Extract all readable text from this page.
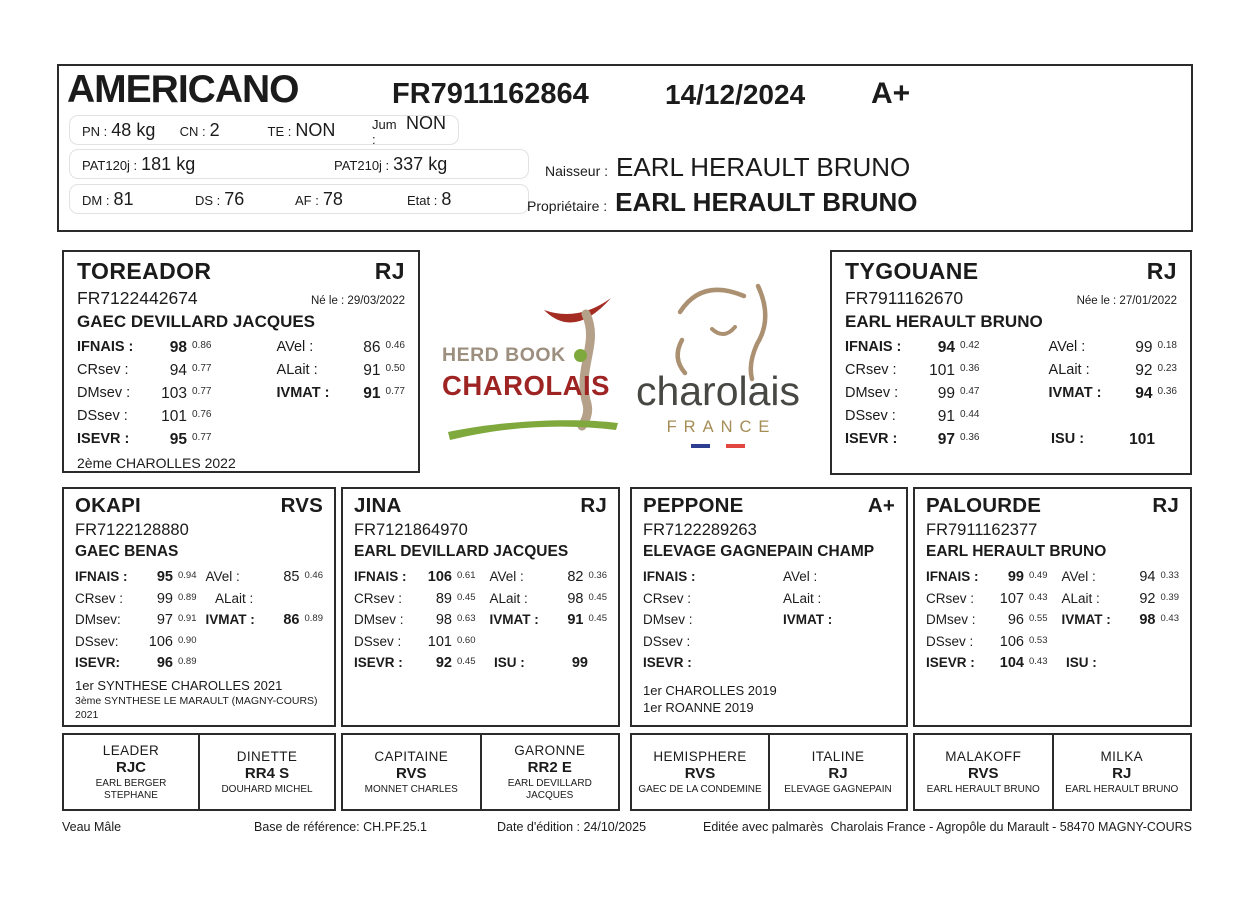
AMERICANO	FR7911162864	14/12/2024 A+
PN : 48 kg CN : 2	TE : NON	Jum :
NON
PAT120j : 181 kg	PAT210j : 337 kg
DM : 81	DS : 76	AF : 78	Etat : 8
Naisseur : EARL HERAULT BRUNO
Propriétaire : EARL HERAULT BRUNO
HERD BOOK
CHAROLAIS charolais
FRANCE
TOREADOR	RJ
FR7122442674	Né le : 29/03/2022
GAEC DEVILLARD JACQUES
IFNAIS :	98 0.86	AVel :	86 0.46
CRsev :	94 0.77	ALait :	91 0.50
DMsev :	103 0.77	IVMAT :	91 0.77
DSsev :	101 0.76
ISEVR :	95 0.77
2ème CHAROLLES 2022
TYGOUANE	RJ
FR7911162670	Née le : 27/01/2022
EARL HERAULT BRUNO
IFNAIS :	94 0.42	AVel :	99 0.18
CRsev :	101 0.36	ALait :	92 0.23
DMsev :	99 0.47	IVMAT :	94 0.36
DSsev :	91 0.44
ISEVR :	97 0.36	ISU :	101
OKAPI	RVS
FR7122128880
GAEC BENAS
IFNAIS :	95 0.94 AVel :	85 0.46
CRsev :	99 0.89	ALait :
DMsev:	97 0.91 IVMAT :	86 0.89
DSsev:	106 0.90
ISEVR:	96 0.89
1er SYNTHESE CHAROLLES 2021
3ème SYNTHESE LE MARAULT (MAGNY-COURS) 2021
JINA	RJ
FR7121864970
EARL DEVILLARD JACQUES
IFNAIS :	106 0.61	AVel :	82 0.36
CRsev :	89 0.45	ALait :	98 0.45
DMsev :	98 0.63	IVMAT :	91 0.45
DSsev :	101 0.60
ISEVR :	92 0.45	ISU :	99
PEPPONE	A+
FR7122289263
ELEVAGE GAGNEPAIN CHAMP
IFNAIS :	AVel :
CRsev :	ALait :
DMsev :	IVMAT :
DSsev :
ISEVR :
1er CHAROLLES 2019
1er ROANNE 2019
PALOURDE	RJ
FR7911162377
EARL HERAULT BRUNO
IFNAIS :	99 0.49	AVel :	94 0.33
CRsev :	107 0.43	ALait :	92 0.39
DMsev :	96 0.55	IVMAT :	98 0.43
DSsev :	106 0.53
ISEVR :	104 0.43	ISU :
LEADER
RJC
EARL BERGER STEPHANE
DINETTE
RR4 S
DOUHARD MICHEL
CAPITAINE
RVS
MONNET CHARLES
GARONNE
RR2 E
EARL DEVILLARD JACQUES
HEMISPHERE
RVS
GAEC DE LA CONDEMINE
ITALINE
RJ
ELEVAGE GAGNEPAIN
MALAKOFF
RVS
EARL HERAULT BRUNO
MILKA
RJ
EARL HERAULT BRUNO
Veau Mâle	Base de référence: CH.PF.25.1	Date d'édition : 24/10/2025	Editée avec palmarès Charolais France - Agropôle du Marault - 58470 MAGNY-COURS
